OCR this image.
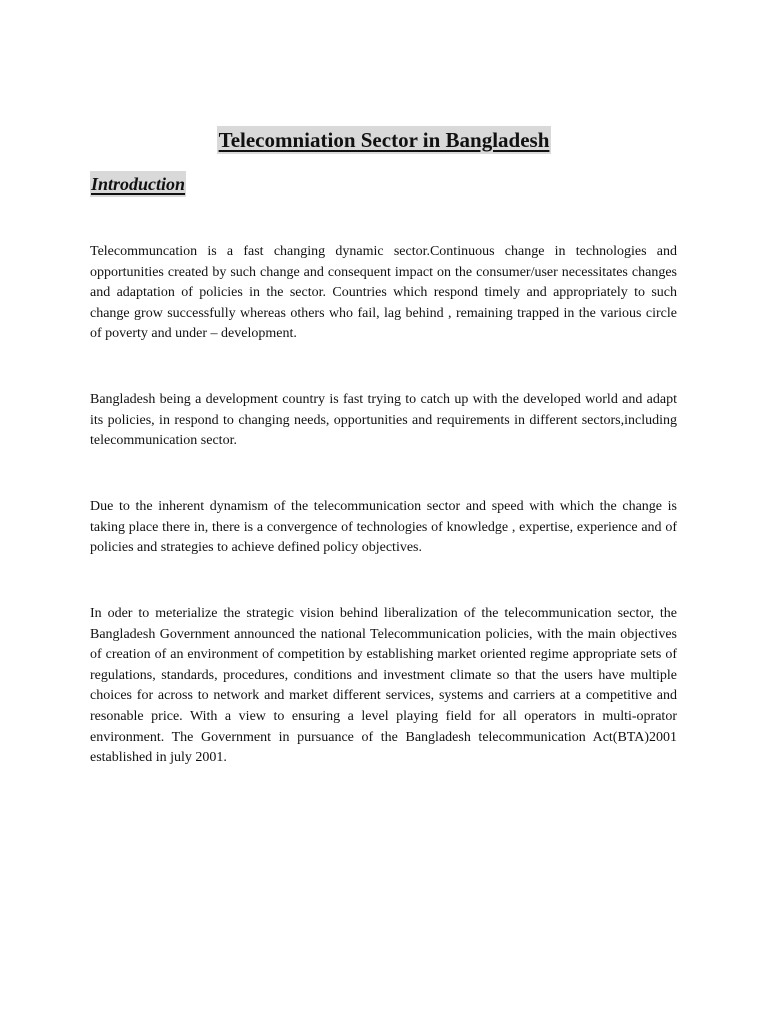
Telecomniation Sector in Bangladesh
Introduction

Telecommuncation is a fast changing dynamic sector.Continuous change in technologies and opportunities created by such change and consequent impact on the consumer/user necessitates changes and adaptation of policies in the sector. Countries which respond timely and appropriately to such change grow successfully whereas others who fail, lag behind , remaining trapped in the various circle of poverty and under – development.

Bangladesh being a development country is fast trying to catch up with the developed world and adapt its policies, in respond to changing needs, opportunities and requirements in different sectors,including telecommunication sector.

Due to the inherent dynamism of the telecommunication sector and speed with which the change is taking place there in, there is a convergence of technologies of knowledge , expertise, experience and of policies and strategies to achieve defined policy objectives.

In oder to meterialize the strategic vision behind liberalization of the telecommunication sector, the Bangladesh Government announced the national Telecommunication policies, with the main objectives of creation of an environment of competition by establishing market oriented regime appropriate sets of regulations, standards, procedures, conditions and investment climate so that the users have multiple choices for across to network and market different services, systems and carriers at a competitive and resonable price. With a view to ensuring a level playing field for all operators in multi-oprator environment. The Government in pursuance of the Bangladesh telecommunication Act(BTA)2001 established in july 2001.
